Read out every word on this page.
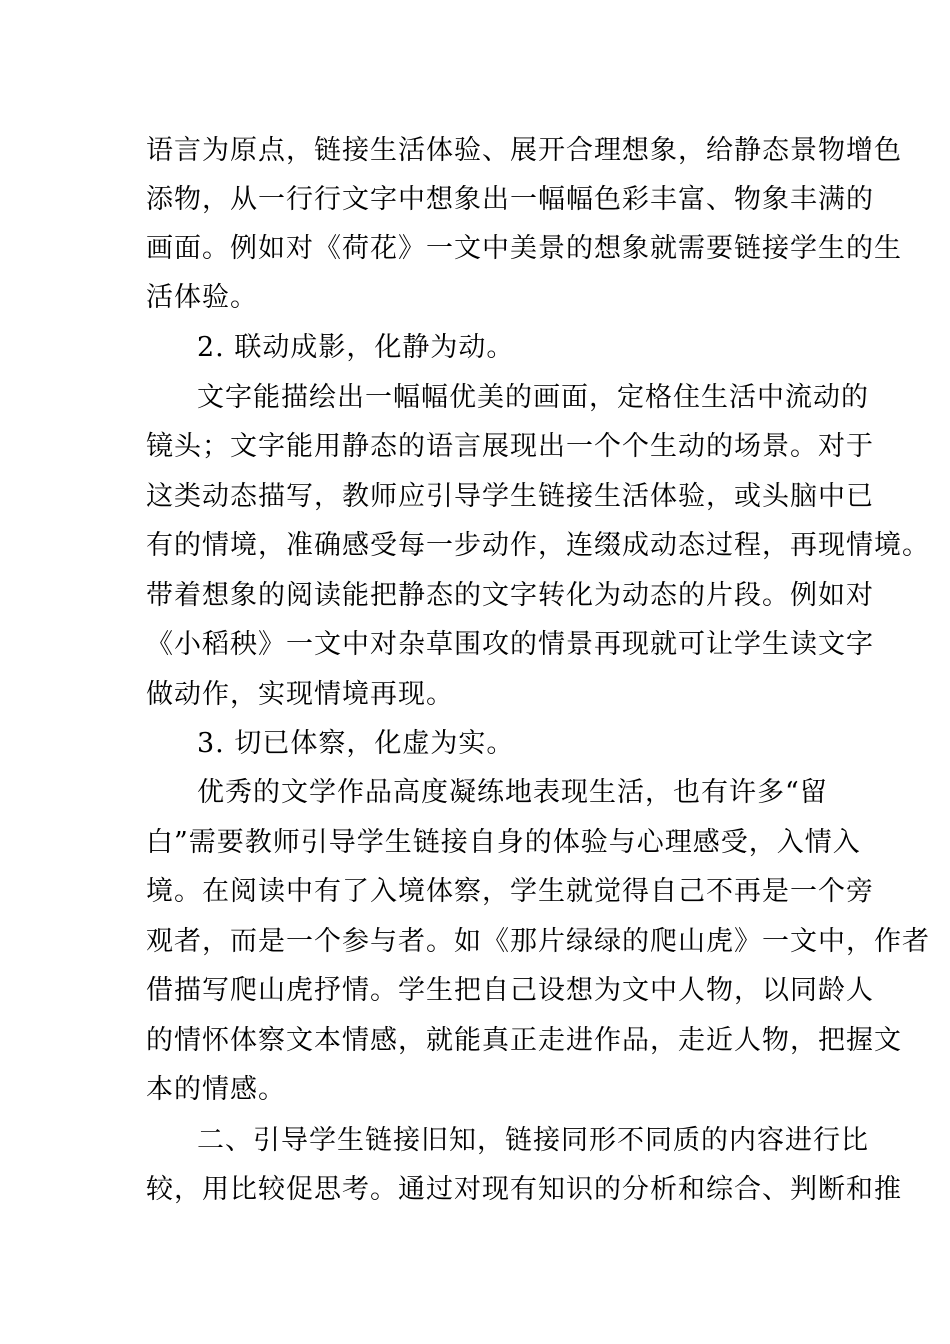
语言为原点，链接生活体验、展开合理想象，给静态景物增色
添物，从一行行文字中想象出一幅幅色彩丰富、物象丰满的
画面。例如对《荷花》一文中美景的想象就需要链接学生的生
活体验。
2. 联动成影，化静为动。
文字能描绘出一幅幅优美的画面，定格住生活中流动的
镜头；文字能用静态的语言展现出一个个生动的场景。对于
这类动态描写，教师应引导学生链接生活体验，或头脑中已
有的情境，准确感受每一步动作，连缀成动态过程，再现情境。
带着想象的阅读能把静态的文字转化为动态的片段。例如对
《小稻秧》一文中对杂草围攻的情景再现就可让学生读文字
做动作，实现情境再现。
3. 切已体察，化虚为实。
优秀的文学作品高度凝练地表现生活，也有许多“留
白”需要教师引导学生链接自身的体验与心理感受，入情入
境。在阅读中有了入境体察，学生就觉得自己不再是一个旁
观者，而是一个参与者。如《那片绿绿的爬山虎》一文中，作者
借描写爬山虎抒情。学生把自己设想为文中人物，以同龄人
的情怀体察文本情感，就能真正走进作品，走近人物，把握文
本的情感。
二、引导学生链接旧知，链接同形不同质的内容进行比
较，用比较促思考。通过对现有知识的分析和综合、判断和推
